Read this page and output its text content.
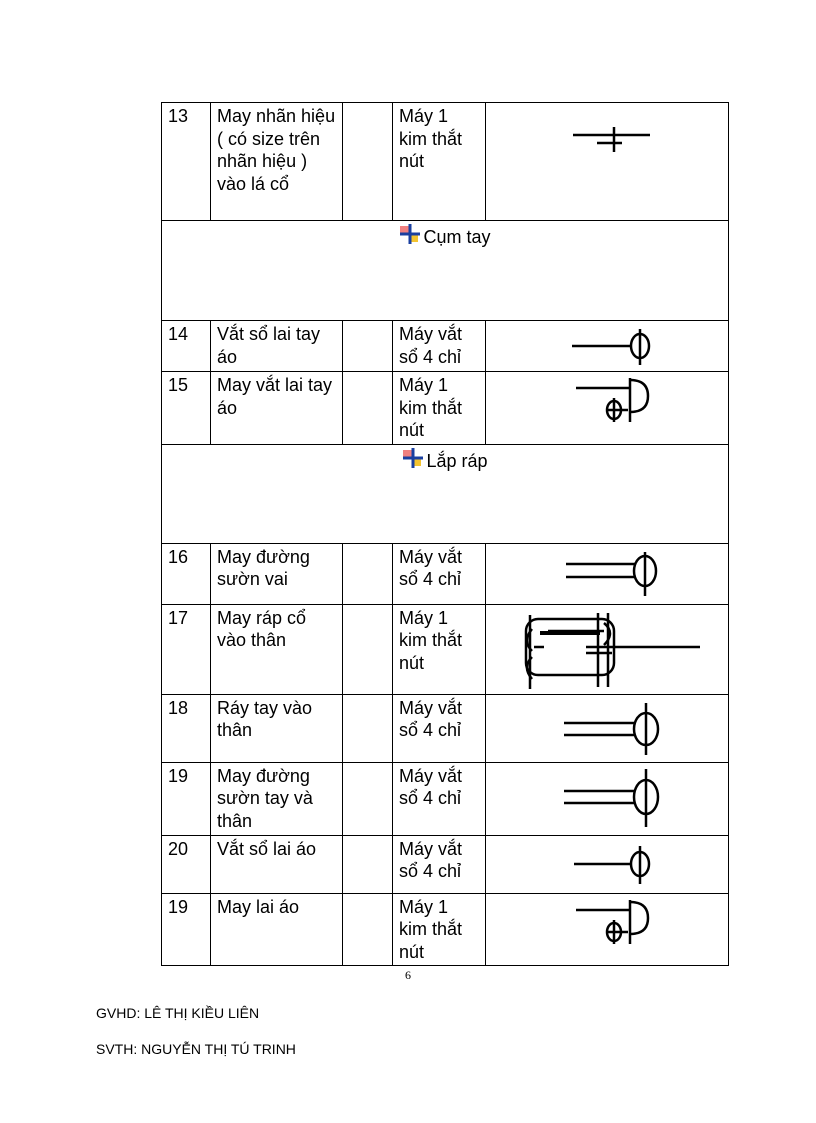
13	May nhãn hiệu ( có size trên nhãn hiệu ) vào lá cổ		Máy 1 kim thắt nút	

Cụm tay				
14	Vắt sổ lai tay áo		Máy vắt sổ 4 chỉ	

15	May vắt lai tay áo		Máy 1 kim thắt nút	

Lắp ráp				
16	May đường sườn vai		Máy vắt sổ 4 chỉ	

17	May ráp cổ vào thân		Máy 1 kim thắt nút	

18	Ráy tay vào thân		Máy vắt sổ 4 chỉ	

19	May đường sườn tay và thân		Máy vắt sổ 4 chỉ	

20	Vắt sổ lai áo		Máy vắt sổ 4 chỉ	

19	May lai áo		Máy 1 kim thắt nút	
6
GVHD: LÊ THỊ KIỀU LIÊN
SVTH: NGUYỄN THỊ TÚ TRINH
